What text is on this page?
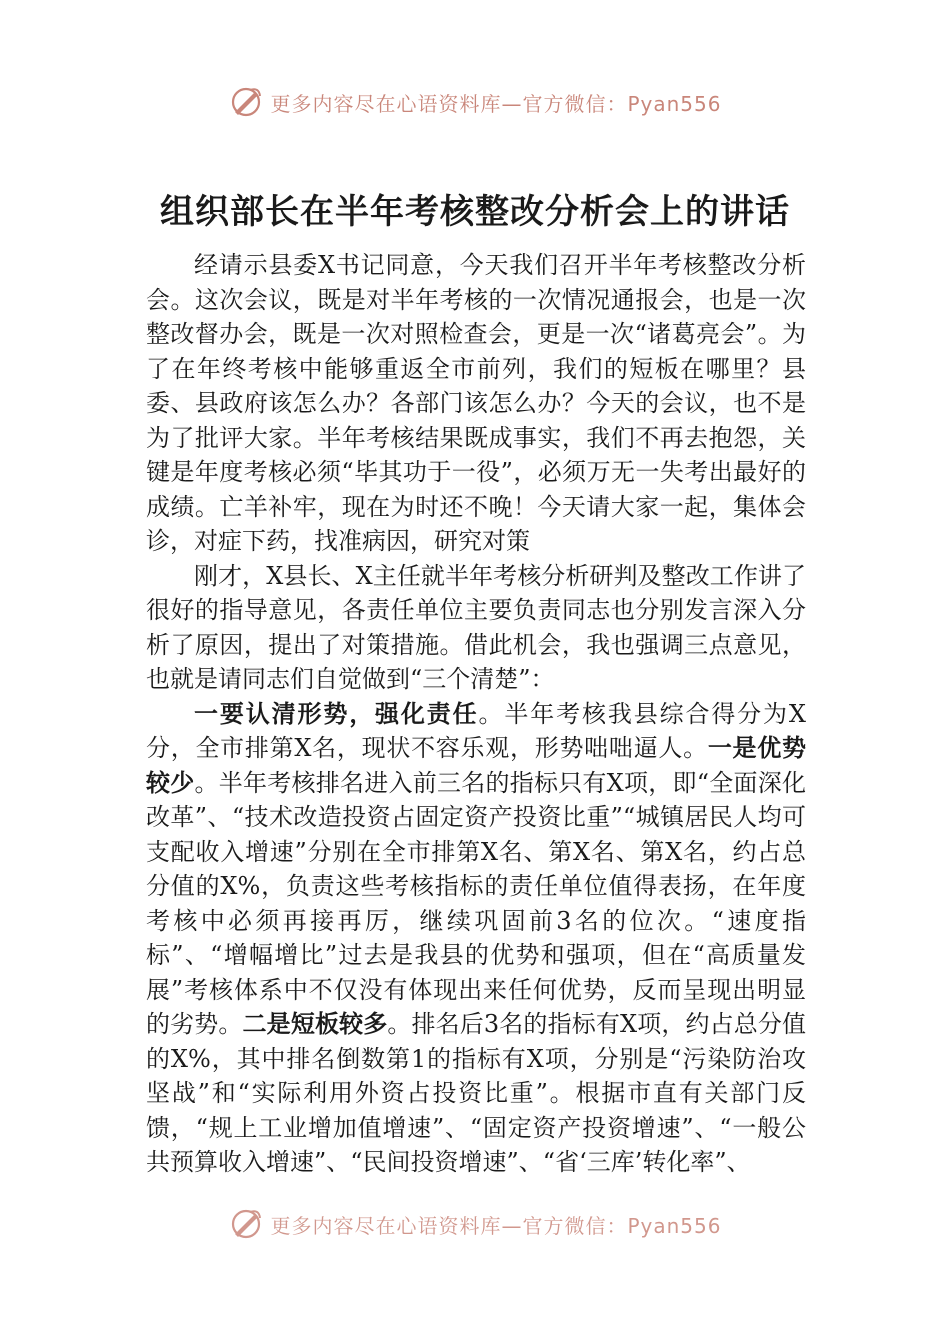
更多内容尽在心语资料库—官方微信：Pyan556
组织部长在半年考核整改分析会上的讲话

经请示县委X书记同意，今天我们召开半年考核整改分析会。这次会议，既是对半年考核的一次情况通报会，也是一次整改督办会，既是一次对照检查会，更是一次“诸葛亮会”。为了在年终考核中能够重返全市前列，我们的短板在哪里？县委、县政府该怎么办？各部门该怎么办？今天的会议，也不是为了批评大家。半年考核结果既成事实，我们不再去抱怨，关键是年度考核必须“毕其功于一役”，必须万无一失考出最好的成绩。亡羊补牢，现在为时还不晚！今天请大家一起，集体会诊，对症下药，找准病因，研究对策

刚才，X县长、X主任就半年考核分析研判及整改工作讲了很好的指导意见，各责任单位主要负责同志也分别发言深入分析了原因，提出了对策措施。借此机会，我也强调三点意见，也就是请同志们自觉做到“三个清楚”：

一要认清形势，强化责任。半年考核我县综合得分为X分，全市排第X名，现状不容乐观，形势咄咄逼人。一是优势较少。半年考核排名进入前三名的指标只有X项，即“全面深化改革”、“技术改造投资占固定资产投资比重”“城镇居民人均可支配收入增速”分别在全市排第X名、第X名、第X名，约占总分值的X%，负责这些考核指标的责任单位值得表扬，在年度考核中必须再接再厉，继续巩固前3名的位次。“速度指标”、“增幅增比”过去是我县的优势和强项，但在“高质量发展”考核体系中不仅没有体现出来任何优势，反而呈现出明显的劣势。二是短板较多。排名后3名的指标有X项，约占总分值的X%，其中排名倒数第1的指标有X项，分别是“污染防治攻坚战”和“实际利用外资占投资比重”。根据市直有关部门反馈，“规上工业增加值增速”、“固定资产投资增速”、“一般公共预算收入增速”、“民间投资增速”、“省‘三库’转化率”、

更多内容尽在心语资料库—官方微信：Pyan556
